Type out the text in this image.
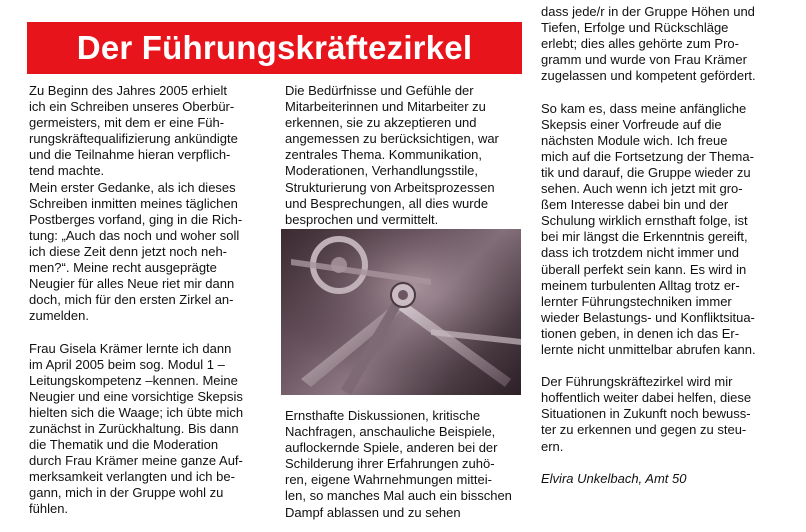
Der Führungskräftezirkel
Zu Beginn des Jahres 2005 erhielt
ich ein Schreiben unseres Oberbür-
germeisters, mit dem er eine Füh-
rungskräftequalifizierung ankündigte
und die Teilnahme hieran verpflich-
tend machte.
Mein erster Gedanke, als ich dieses
Schreiben inmitten meines täglichen
Postberges vorfand, ging in die Rich-
tung: „Auch das noch und woher soll
ich diese Zeit denn jetzt noch neh-
men?“. Meine recht ausgeprägte
Neugier für alles Neue riet mir dann
doch, mich für den ersten Zirkel an-
zumelden.
Frau Gisela Krämer lernte ich dann
im April 2005 beim sog. Modul 1 –
Leitungskompetenz –kennen. Meine
Neugier und eine vorsichtige Skepsis
hielten sich die Waage; ich übte mich
zunächst in Zurückhaltung. Bis dann
die Thematik und die Moderation
durch Frau Krämer meine ganze Auf-
merksamkeit verlangten und ich be-
gann, mich in der Gruppe wohl zu
fühlen.
Die Bedürfnisse und Gefühle der
Mitarbeiterinnen und Mitarbeiter zu
erkennen, sie zu akzeptieren und
angemessen zu berücksichtigen, war
zentrales Thema. Kommunikation,
Moderationen, Verhandlungsstile,
Strukturierung von Arbeitsprozessen
und Besprechungen, all dies wurde
besprochen und vermittelt.
Ernsthafte Diskussionen, kritische
Nachfragen, anschauliche Beispiele,
auflockernde Spiele, anderen bei der
Schilderung ihrer Erfahrungen zuhö-
ren, eigene Wahrnehmungen mittei-
len, so manches Mal auch ein bisschen
Dampf ablassen und zu sehen
dass jede/r in der Gruppe Höhen und
Tiefen, Erfolge und Rückschläge
erlebt; dies alles gehörte zum Pro-
gramm und wurde von Frau Krämer
zugelassen und kompetent gefördert.
So kam es, dass meine anfängliche
Skepsis einer Vorfreude auf die
nächsten Module wich. Ich freue
mich auf die Fortsetzung der Thema-
tik und darauf, die Gruppe wieder zu
sehen. Auch wenn ich jetzt mit gro-
ßem Interesse dabei bin und der
Schulung wirklich ernsthaft folge, ist
bei mir längst die Erkenntnis gereift,
dass ich trotzdem nicht immer und
überall perfekt sein kann. Es wird in
meinem turbulenten Alltag trotz er-
lernter Führungstechniken immer
wieder Belastungs- und Konfliktsitua-
tionen geben, in denen ich das Er-
lernte nicht unmittelbar abrufen kann.
Der Führungskräftezirkel wird mir
hoffentlich weiter dabei helfen, diese
Situationen in Zukunft noch bewuss-
ter zu erkennen und gegen zu steu-
ern.
Elvira Unkelbach, Amt 50
